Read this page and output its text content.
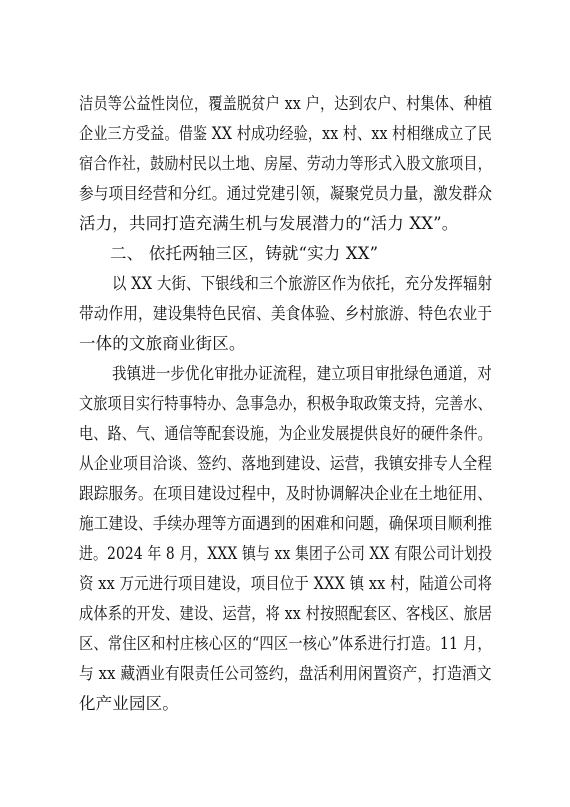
洁员等公益性岗位，覆盖脱贫户 xx 户，达到农户、村集体、种植
企业三方受益。借鉴 XX 村成功经验，xx 村、xx 村相继成立了民
宿合作社，鼓励村民以土地、房屋、劳动力等形式入股文旅项目，
参与项目经营和分红。通过党建引领，凝聚党员力量，激发群众
活力，共同打造充满生机与发展潜力的“活力 XX”。
二、 依托两轴三区，铸就“实力 XX”
以 XX 大街、下银线和三个旅游区作为依托，充分发挥辐射
带动作用，建设集特色民宿、美食体验、乡村旅游、特色农业于
一体的文旅商业街区。
我镇进一步优化审批办证流程，建立项目审批绿色通道，对
文旅项目实行特事特办、急事急办，积极争取政策支持，完善水、
电、路、气、通信等配套设施，为企业发展提供良好的硬件条件。
从企业项目洽谈、签约、落地到建设、运营，我镇安排专人全程
跟踪服务。在项目建设过程中，及时协调解决企业在土地征用、
施工建设、手续办理等方面遇到的困难和问题，确保项目顺利推
进。2024 年 8 月，XXX 镇与 xx 集团子公司 XX 有限公司计划投
资 xx 万元进行项目建设，项目位于 XXX 镇 xx 村，陆道公司将
成体系的开发、建设、运营，将 xx 村按照配套区、客栈区、旅居
区、常住区和村庄核心区的“四区一核心”体系进行打造。11 月，
与 xx 藏酒业有限责任公司签约，盘活利用闲置资产，打造酒文
化产业园区。
